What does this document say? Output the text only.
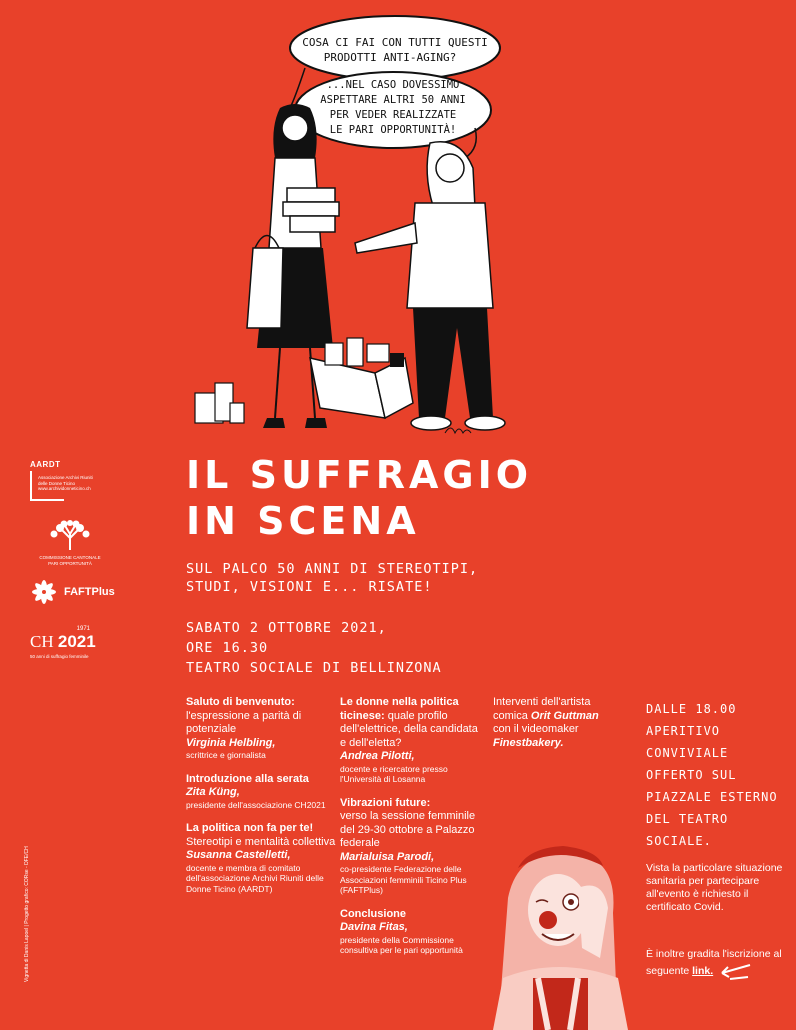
COSA CI FAI CON TUTTI QUESTI
PRODOTTI ANTI-AGING?
...NEL CASO DOVESSIMO
ASPETTARE ALTRI 50 ANNI
PER VEDER REALIZZATE
LE PARI OPPORTUNITÀ!
AARDT
Associazione Archivi Riuniti
delle Donne Ticino
www.archividonneticino.ch
COMMISSIONE CANTONALE
PARI OPPORTUNITÀ
FAFTPlus
1971
CH 2021
50 anni di suffragio femminile
Vignetta di Danis Lapoel | Progetto grafico: CORse - DFE/CH
IL SUFFRAGIO
IN SCENA
SUL PALCO 50 ANNI DI STEREOTIPI,
STUDI, VISIONI E... RISATE!
SABATO 2 OTTOBRE 2021,
ORE 16.30
TEATRO SOCIALE DI BELLINZONA
Saluto di benvenuto:
l'espressione a parità di potenziale
Virginia Helbling,
scrittrice e giornalista
Introduzione alla serata
Zita Küng,
presidente dell'associazione CH2021
La politica non fa per te!
Stereotipi e mentalità collettiva
Susanna Castelletti,
docente e membra di comitato dell'associazione Archivi Riuniti delle Donne Ticino (AARDT)
Le donne nella politica ticinese: quale profilo dell'elettrice, della candidata e dell'eletta?
Andrea Pilotti,
docente e ricercatore presso l'Università di Losanna
Vibrazioni future:
verso la sessione femminile del 29-30 ottobre a Palazzo federale
Marialuisa Parodi,
co-presidente Federazione delle Associazioni femminili Ticino Plus (FAFTPlus)
Conclusione
Davina Fitas,
presidente della Commissione consultiva per le pari opportunità
Interventi dell'artista comica Orit Guttman
con il videomaker
Finestbakery.
DALLE 18.00
APERITIVO
CONVIVIALE
OFFERTO SUL
PIAZZALE ESTERNO
DEL TEATRO
SOCIALE.
Vista la particolare situazione sanitaria per partecipare all'evento è richiesto il certificato Covid.
È inoltre gradita l'iscrizione al seguente link.
